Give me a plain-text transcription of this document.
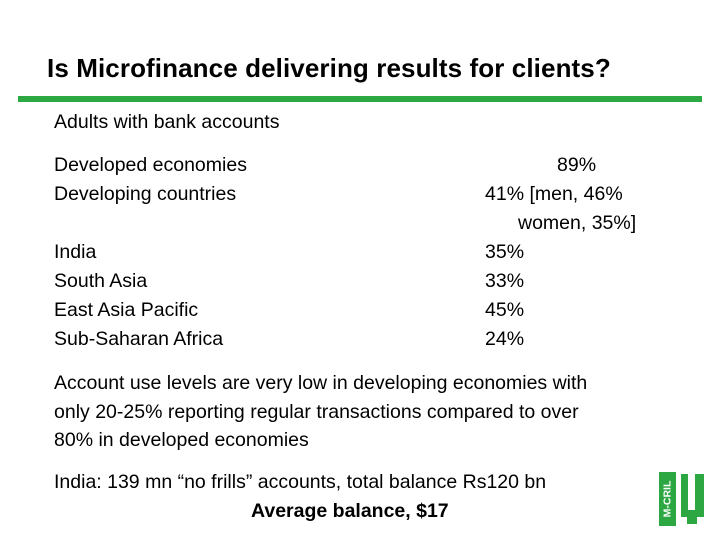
Is Microfinance delivering results for clients?
Adults with bank accounts
Developed economies
Developing countries
India
South Asia
East Asia Pacific
Sub-Saharan Africa
89%
41% [men, 46%
women, 35%]
35%
33%
45%
24%
Account use levels are very low in developing economies with
only 20-25% reporting regular transactions compared to over
80% in developed economies
India: 139 mn “no frills” accounts, total balance Rs120 bn
Average balance, $17	M-CRIL
